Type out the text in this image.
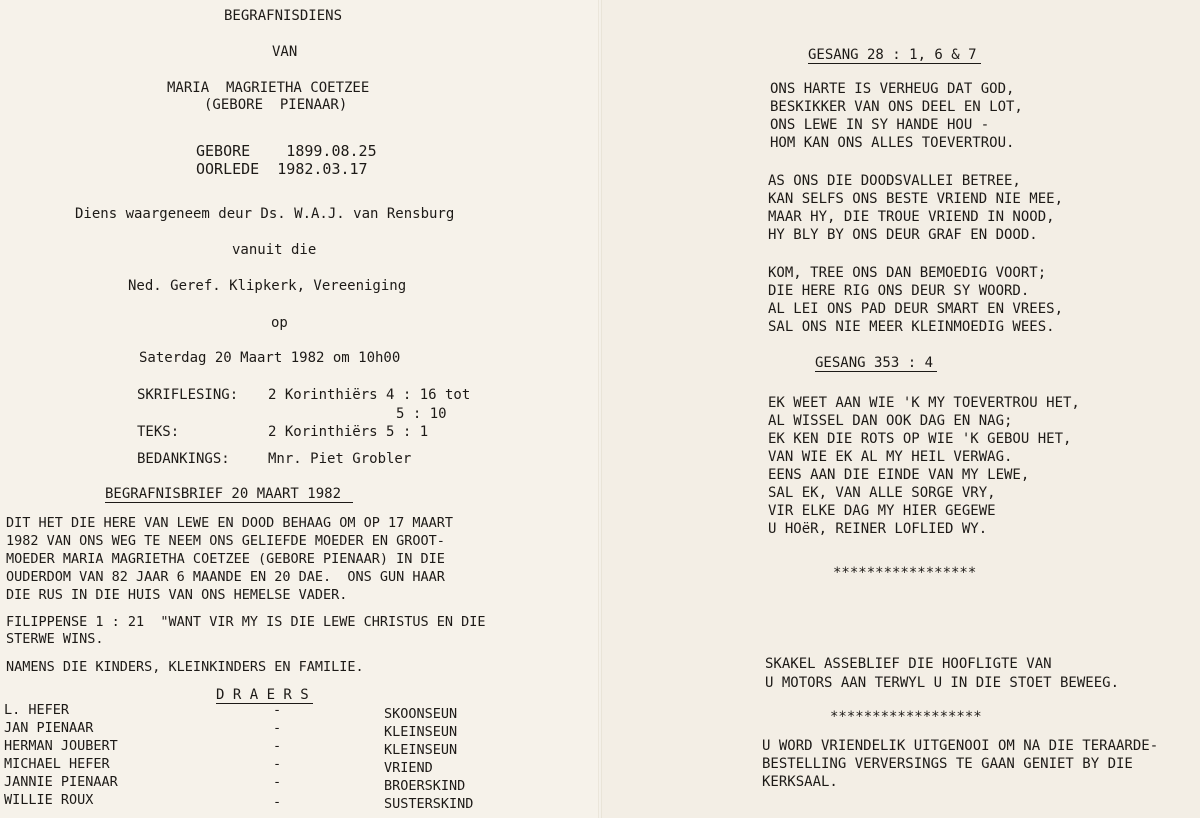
BEGRAFNISDIENS
VAN
MARIA  MAGRIETHA COETZEE
(GEBORE  PIENAAR)
GEBORE    1899.08.25
OORLEDE  1982.03.17
Diens waargeneem deur Ds. W.A.J. van Rensburg
vanuit die
Ned. Geref. Klipkerk, Vereeniging
op
Saterdag 20 Maart 1982 om 10h00
SKRIFLESING: 2 Korinthiërs 4 : 16 tot
5 : 10
TEKS:	2 Korinthiërs 5 : 1
BEDANKINGS:	Mnr. Piet Grobler
BEGRAFNISBRIEF 20 MAART 1982
DIT HET DIE HERE VAN LEWE EN DOOD BEHAAG OM OP 17 MAART
1982 VAN ONS WEG TE NEEM ONS GELIEFDE MOEDER EN GROOT-
MOEDER MARIA MAGRIETHA COETZEE (GEBORE PIENAAR) IN DIE
OUDERDOM VAN 82 JAAR 6 MAANDE EN 20 DAE.  ONS GUN HAAR
DIE RUS IN DIE HUIS VAN ONS HEMELSE VADER.
FILIPPENSE 1 : 21  "WANT VIR MY IS DIE LEWE CHRISTUS EN DIE
STERWE WINS.
NAMENS DIE KINDERS, KLEINKINDERS EN FAMILIE.
D R A E R S
L. HEFER	-	SKOONSEUN
JAN PIENAAR	-	KLEINSEUN
HERMAN JOUBERT	-	KLEINSEUN
MICHAEL HEFER	-	VRIEND
JANNIE PIENAAR	-	BROERSKIND
WILLIE ROUX	-	SUSTERSKIND
GESANG 28 : 1, 6 & 7
ONS HARTE IS VERHEUG DAT GOD,
BESKIKKER VAN ONS DEEL EN LOT,
ONS LEWE IN SY HANDE HOU -
HOM KAN ONS ALLES TOEVERTROU.
AS ONS DIE DOODSVALLEI BETREE,
KAN SELFS ONS BESTE VRIEND NIE MEE,
MAAR HY, DIE TROUE VRIEND IN NOOD,
HY BLY BY ONS DEUR GRAF EN DOOD.
KOM, TREE ONS DAN BEMOEDIG VOORT;
DIE HERE RIG ONS DEUR SY WOORD.
AL LEI ONS PAD DEUR SMART EN VREES,
SAL ONS NIE MEER KLEINMOEDIG WEES.
GESANG 353 : 4
EK WEET AAN WIE 'K MY TOEVERTROU HET,
AL WISSEL DAN OOK DAG EN NAG;
EK KEN DIE ROTS OP WIE 'K GEBOU HET,
VAN WIE EK AL MY HEIL VERWAG.
EENS AAN DIE EINDE VAN MY LEWE,
SAL EK, VAN ALLE SORGE VRY,
VIR ELKE DAG MY HIER GEGEWE
U HOëR, REINER LOFLIED WY.
*****************
SKAKEL ASSEBLIEF DIE HOOFLIGTE VAN
U MOTORS AAN TERWYL U IN DIE STOET BEWEEG.
******************
U WORD VRIENDELIK UITGENOOI OM NA DIE TERAARDE-
BESTELLING VERVERSINGS TE GAAN GENIET BY DIE
KERKSAAL.
